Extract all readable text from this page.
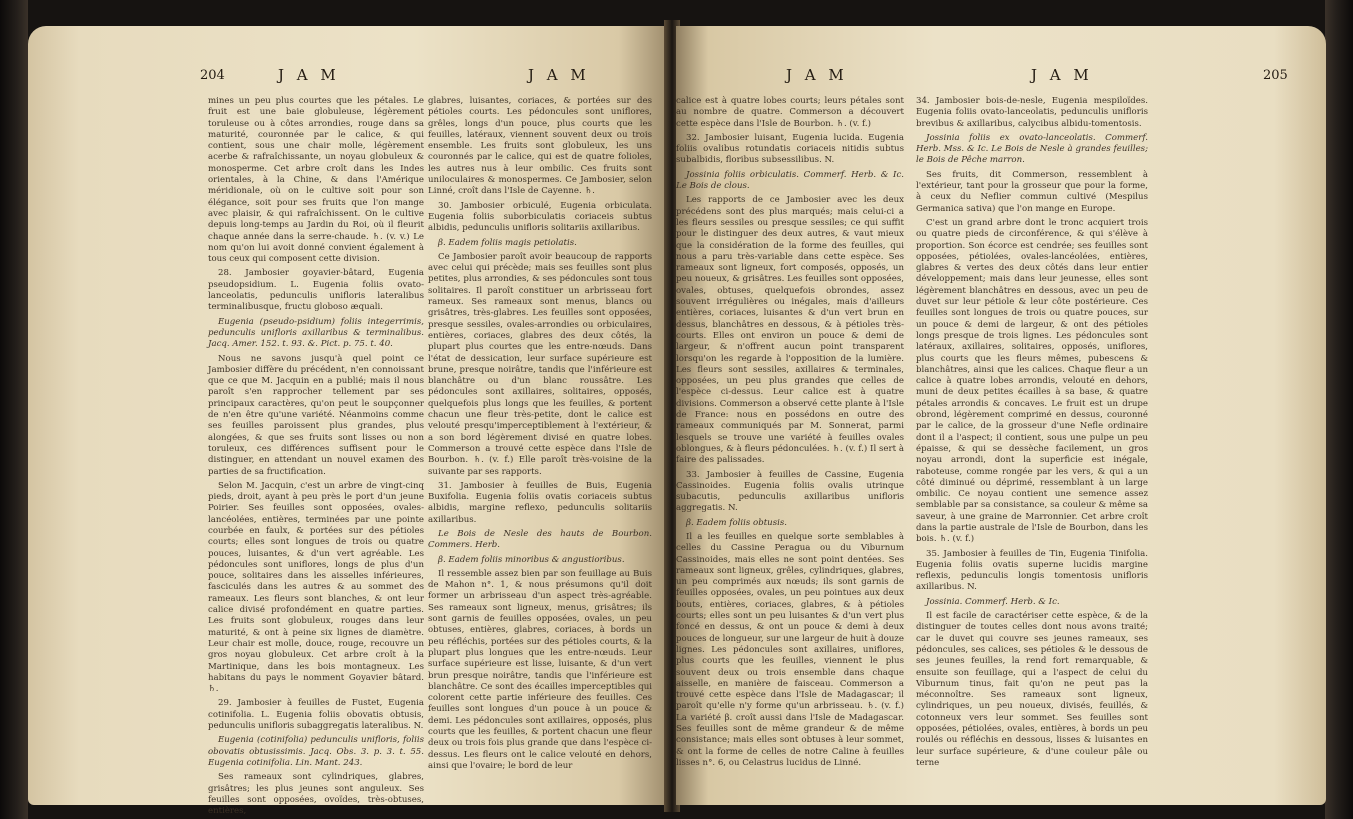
204	J A M	J A M

mines un peu plus courtes que les pétales. Le fruit est une baie globuleuse, légèrement toruleuse ou à côtes arrondies, rouge dans sa maturité, couronnée par le calice, & qui contient, sous une chair molle, légèrement acerbe & rafraîchissante, un noyau globuleux & monosperme. Cet arbre croît dans les Indes orientales, à la Chine, & dans l'Amérique méridionale, où on le cultive soit pour son élégance, soit pour ses fruits que l'on mange avec plaisir, & qui rafraîchissent. On le cultive depuis long-temps au Jardin du Roi, où il fleurit chaque année dans la serre-chaude. ♄. (v. v.) Le nom qu'on lui avoit donné convient également à tous ceux qui composent cette division.

28. Jambosier goyavier-bâtard, Eugenia pseudopsidium. L. Eugenia foliis ovato-lanceolatis, pedunculis unifloris lateralibus terminalibusque, fructu globoso æquali.

Eugenia (pseudo-psidium) foliis integerrimis, pedunculis unifloris axillaribus & terminalibus. Jacq. Amer. 152. t. 93. &. Pict. p. 75. t. 40.

Nous ne savons jusqu'à quel point ce Jambosier diffère du précédent, n'en connoissant que ce que M. Jacquin en a publié; mais il nous paroît s'en rapprocher tellement par ses principaux caractères, qu'on peut le soupçonner de n'en être qu'une variété. Néanmoins comme ses feuilles paroissent plus grandes, plus alongées, & que ses fruits sont lisses ou non toruleux, ces différences suffisent pour le distinguer, en attendant un nouvel examen des parties de sa fructification.

Selon M. Jacquin, c'est un arbre de vingt-cinq pieds, droit, ayant à peu près le port d'un jeune Poirier. Ses feuilles sont opposées, ovales-lancéolées, entières, terminées par une pointe courbée en faulx, & portées sur des pétioles courts; elles sont longues de trois ou quatre pouces, luisantes, & d'un vert agréable. Les pédoncules sont uniflores, longs de plus d'un pouce, solitaires dans les aisselles inférieures, fasciculés dans les autres & au sommet des rameaux. Les fleurs sont blanches, & ont leur calice divisé profondément en quatre parties. Les fruits sont globuleux, rouges dans leur maturité, & ont à peine six lignes de diamètre. Leur chair est molle, douce, rouge, recouvre un gros noyau globuleux. Cet arbre croît à la Martinique, dans les bois montagneux. Les habitans du pays le nomment Goyavier bâtard. ♄.

29. Jambosier à feuilles de Fustet, Eugenia cotinifolia. L. Eugenia foliis obovatis obtusis, pedunculis unifloris subaggregatis lateralibus. N.

Eugenia (cotinifolia) pedunculis unifloris, foliis obovatis obtusissimis. Jacq. Obs. 3. p. 3. t. 55. Eugenia cotinifolia. Lin. Mant. 243.

Ses rameaux sont cylindriques, glabres, grisâtres; les plus jeunes sont anguleux. Ses feuilles sont opposées, ovoïdes, très-obtuses, entières,

glabres, luisantes, coriaces, & portées sur des pétioles courts. Les pédoncules sont uniflores, grêles, longs d'un pouce, plus courts que les feuilles, latéraux, viennent souvent deux ou trois ensemble. Les fruits sont globuleux, les uns couronnés par le calice, qui est de quatre folioles, les autres nus à leur ombilic. Ces fruits sont uniloculaires & monospermes. Ce Jambosier, selon Linné, croît dans l'Isle de Cayenne. ♄.

30. Jambosier orbiculé, Eugenia orbiculata. Eugenia foliis suborbiculatis coriaceis subtus albidis, pedunculis unifloris solitariis axillaribus.

β. Eadem foliis magis petiolatis.

Ce Jambosier paroît avoir beaucoup de rapports avec celui qui précède; mais ses feuilles sont plus petites, plus arrondies, & ses pédoncules sont tous solitaires. Il paroît constituer un arbrisseau fort rameux. Ses rameaux sont menus, blancs ou grisâtres, très-glabres. Les feuilles sont opposées, presque sessiles, ovales-arrondies ou orbiculaires, entières, coriaces, glabres des deux côtés, la plupart plus courtes que les entre-nœuds. Dans l'état de dessication, leur surface supérieure est brune, presque noirâtre, tandis que l'inférieure est blanchâtre ou d'un blanc roussâtre. Les pédoncules sont axillaires, solitaires, opposés, quelquefois plus longs que les feuilles, & portent chacun une fleur très-petite, dont le calice est velouté presqu'imperceptiblement à l'extérieur, & a son bord légèrement divisé en quatre lobes. Commerson a trouvé cette espèce dans l'Isle de Bourbon. ♄. (v. f.) Elle paroît très-voisine de la suivante par ses rapports.

31. Jambosier à feuilles de Buis, Eugenia Buxifolia. Eugenia foliis ovatis coriaceis subtus albidis, margine reflexo, pedunculis solitariis axillaribus.

Le Bois de Nesle des hauts de Bourbon. Commers. Herb.

β. Eadem foliis minoribus & angustioribus.

Il ressemble assez bien par son feuillage au Buis de Mahon n°. 1, & nous présumons qu'il doit former un arbrisseau d'un aspect très-agréable. Ses rameaux sont ligneux, menus, grisâtres; ils sont garnis de feuilles opposées, ovales, un peu obtuses, entières, glabres, coriaces, à bords un peu réfléchis, portées sur des pétioles courts, & la plupart plus longues que les entre-nœuds. Leur surface supérieure est lisse, luisante, & d'un vert brun presque noirâtre, tandis que l'inférieure est blanchâtre. Ce sont des écailles imperceptibles qui colorent cette partie inférieure des feuilles. Ces feuilles sont longues d'un pouce à un pouce & demi. Les pédoncules sont axillaires, opposés, plus courts que les feuilles, & portent chacun une fleur deux ou trois fois plus grande que dans l'espèce ci-dessus. Les fleurs ont le calice velouté en dehors, ainsi que l'ovaire; le bord de leur

J A M	J A M	205

calice est à quatre lobes courts; leurs pétales sont au nombre de quatre. Commerson a découvert cette espèce dans l'Isle de Bourbon. ♄. (v. f.)

32. Jambosier luisant, Eugenia lucida. Eugenia foliis ovalibus rotundatis coriaceis nitidis subtus subalbidis, floribus subsessilibus. N.

Jossinia foliis orbiculatis. Commerf. Herb. & Ic. Le Bois de clous.

Les rapports de ce Jambosier avec les deux précédens sont des plus marqués; mais celui-ci a les fleurs sessiles ou presque sessiles; ce qui suffit pour le distinguer des deux autres, & vaut mieux que la considération de la forme des feuilles, qui nous a paru très-variable dans cette espèce. Ses rameaux sont ligneux, fort composés, opposés, un peu noueux, & grisâtres. Les feuilles sont opposées, ovales, obtuses, quelquefois obrondes, assez souvent irrégulières ou inégales, mais d'ailleurs entières, coriaces, luisantes & d'un vert brun en dessus, blanchâtres en dessous, & à pétioles très-courts. Elles ont environ un pouce & demi de largeur, & n'offrent aucun point transparent lorsqu'on les regarde à l'opposition de la lumière. Les fleurs sont sessiles, axillaires & terminales, opposées, un peu plus grandes que celles de l'espèce ci-dessus. Leur calice est à quatre divisions. Commerson a observé cette plante à l'Isle de France: nous en possédons en outre des rameaux communiqués par M. Sonnerat, parmi lesquels se trouve une variété à feuilles ovales oblongues, & à fleurs pédonculées. ♄. (v. f.) Il sert à faire des palissades.

33. Jambosier à feuilles de Cassine, Eugenia Cassinoides. Eugenia foliis ovalis utrinque subacutis, pedunculis axillaribus unifloris aggregatis. N.

β. Eadem foliis obtusis.

Il a les feuilles en quelque sorte semblables à celles du Cassine Peragua ou du Viburnum Cassinoides, mais elles ne sont point dentées. Ses rameaux sont ligneux, grêles, cylindriques, glabres, un peu comprimés aux nœuds; ils sont garnis de feuilles opposées, ovales, un peu pointues aux deux bouts, entières, coriaces, glabres, & à pétioles courts; elles sont un peu luisantes & d'un vert plus foncé en dessus, & ont un pouce & demi à deux pouces de longueur, sur une largeur de huit à douze lignes. Les pédoncules sont axillaires, uniflores, plus courts que les feuilles, viennent le plus souvent deux ou trois ensemble dans chaque aisselle, en manière de faisceau. Commerson a trouvé cette espèce dans l'Isle de Madagascar; il paroît qu'elle n'y forme qu'un arbrisseau. ♄. (v. f.) La variété β. croît aussi dans l'Isle de Madagascar. Ses feuilles sont de même grandeur & de même consistance; mais elles sont obtuses à leur sommet, & ont la forme de celles de notre Caline à feuilles lisses n°. 6, ou Celastrus lucidus de Linné.

34. Jambosier bois-de-nesle, Eugenia mespiloïdes. Eugenia foliis ovato-lanceolatis, pedunculis unifloris brevibus & axillaribus, calycibus albidu-tomentosis.

Jossinia foliis ex ovato-lanceolatis. Commerf. Herb. Mss. & Ic. Le Bois de Nesle à grandes feuilles; le Bois de Pêche marron.

Ses fruits, dit Commerson, ressemblent à l'extérieur, tant pour la grosseur que pour la forme, à ceux du Neflier commun cultivé (Mespilus Germanica sativa) que l'on mange en Europe.

C'est un grand arbre dont le tronc acquiert trois ou quatre pieds de circonférence, & qui s'élève à proportion. Son écorce est cendrée; ses feuilles sont opposées, pétiolées, ovales-lancéolées, entières, glabres & vertes des deux côtés dans leur entier développement; mais dans leur jeunesse, elles sont légèrement blanchâtres en dessous, avec un peu de duvet sur leur pétiole & leur côte postérieure. Ces feuilles sont longues de trois ou quatre pouces, sur un pouce & demi de largeur, & ont des pétioles longs presque de trois lignes. Les pédoncules sont latéraux, axillaires, solitaires, opposés, uniflores, plus courts que les fleurs mêmes, pubescens & blanchâtres, ainsi que les calices. Chaque fleur a un calice à quatre lobes arrondis, velouté en dehors, muni de deux petites écailles à sa base, & quatre pétales arrondis & concaves. Le fruit est un drupe obrond, légèrement comprimé en dessus, couronné par le calice, de la grosseur d'une Nefle ordinaire dont il a l'aspect; il contient, sous une pulpe un peu épaisse, & qui se dessèche facilement, un gros noyau arrondi, dont la superficie est inégale, raboteuse, comme rongée par les vers, & qui a un côté diminué ou déprimé, ressemblant à un large ombilic. Ce noyau contient une semence assez semblable par sa consistance, sa couleur & même sa saveur, à une graine de Marronnier. Cet arbre croît dans la partie australe de l'Isle de Bourbon, dans les bois. ♄. (v. f.)

35. Jambosier à feuilles de Tin, Eugenia Tinifolia. Eugenia foliis ovatis superne lucidis margine reflexis, pedunculis longis tomentosis unifloris axillaribus. N.

Jossinia. Commerf. Herb. & Ic.

Il est facile de caractériser cette espèce, & de la distinguer de toutes celles dont nous avons traité; car le duvet qui couvre ses jeunes rameaux, ses pédoncules, ses calices, ses pétioles & le dessous de ses jeunes feuilles, la rend fort remarquable, & ensuite son feuillage, qui a l'aspect de celui du Viburnum tinus, fait qu'on ne peut pas la méconnoître. Ses rameaux sont ligneux, cylindriques, un peu noueux, divisés, feuillés, & cotonneux vers leur sommet. Ses feuilles sont opposées, pétiolées, ovales, entières, à bords un peu roulés ou réfléchis en dessous, lisses & luisantes en leur surface supérieure, & d'une couleur pâle ou terne
